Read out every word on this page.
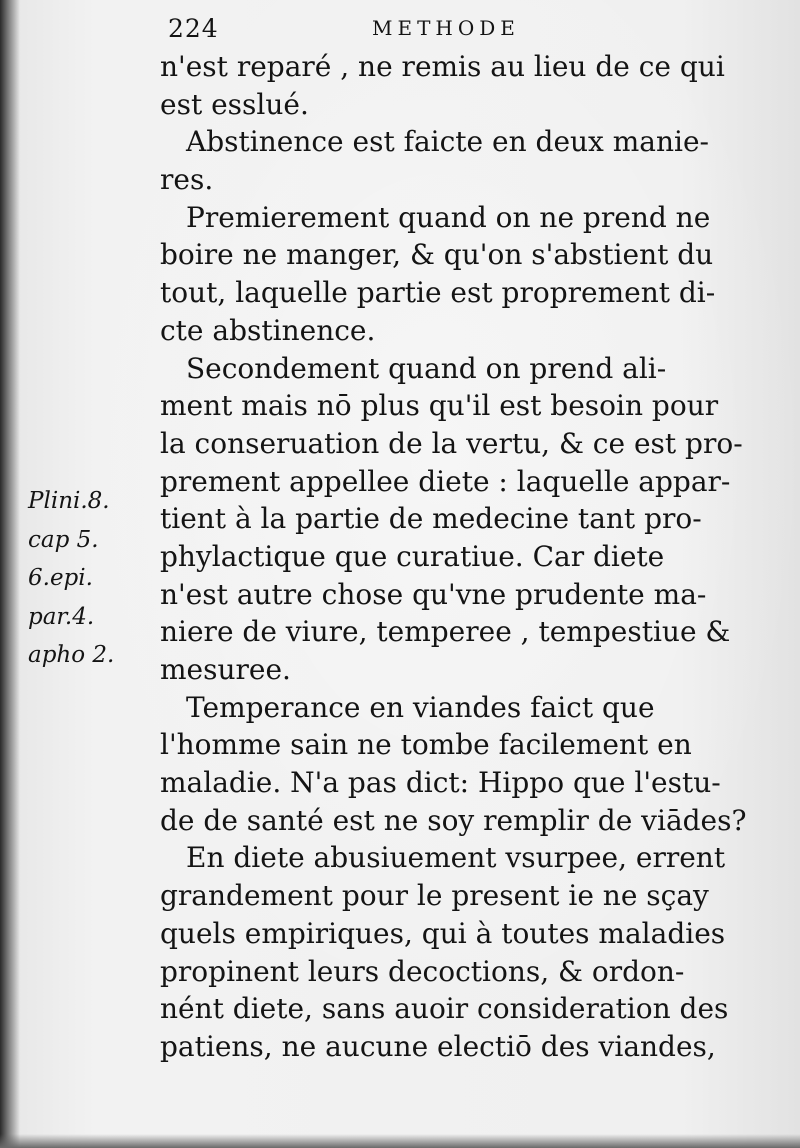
224	METHODE
n'est reparé , ne remis au lieu de ce qui
est esslué.
Abstinence est faicte en deux manie-
res.
Premierement quand on ne prend ne
boire ne manger, & qu'on s'abstient du
tout, laquelle partie est proprement di-
cte abstinence.
Secondement quand on prend ali-
ment mais nō plus qu'il est besoin pour
la conseruation de la vertu, & ce est pro-
prement appellee diete : laquelle appar-
tient à la partie de medecine tant pro-
phylactique que curatiue. Car diete
n'est autre chose qu'vne prudente ma-
niere de viure, temperee , tempestiue &
mesuree.
Temperance en viandes faict que
l'homme sain ne tombe facilement en
maladie. N'a pas dict: Hippo que l'estu-
de de santé est ne soy remplir de viādes?
En diete abusiuement vsurpee, errent
grandement pour le present ie ne sçay
quels empiriques, qui à toutes maladies
propinent leurs decoctions, & ordon-
nént diete, sans auoir consideration des
patiens, ne aucune electiō des viandes,
Plini.8.
cap 5.
6.epi.
par.4.
apho 2.
